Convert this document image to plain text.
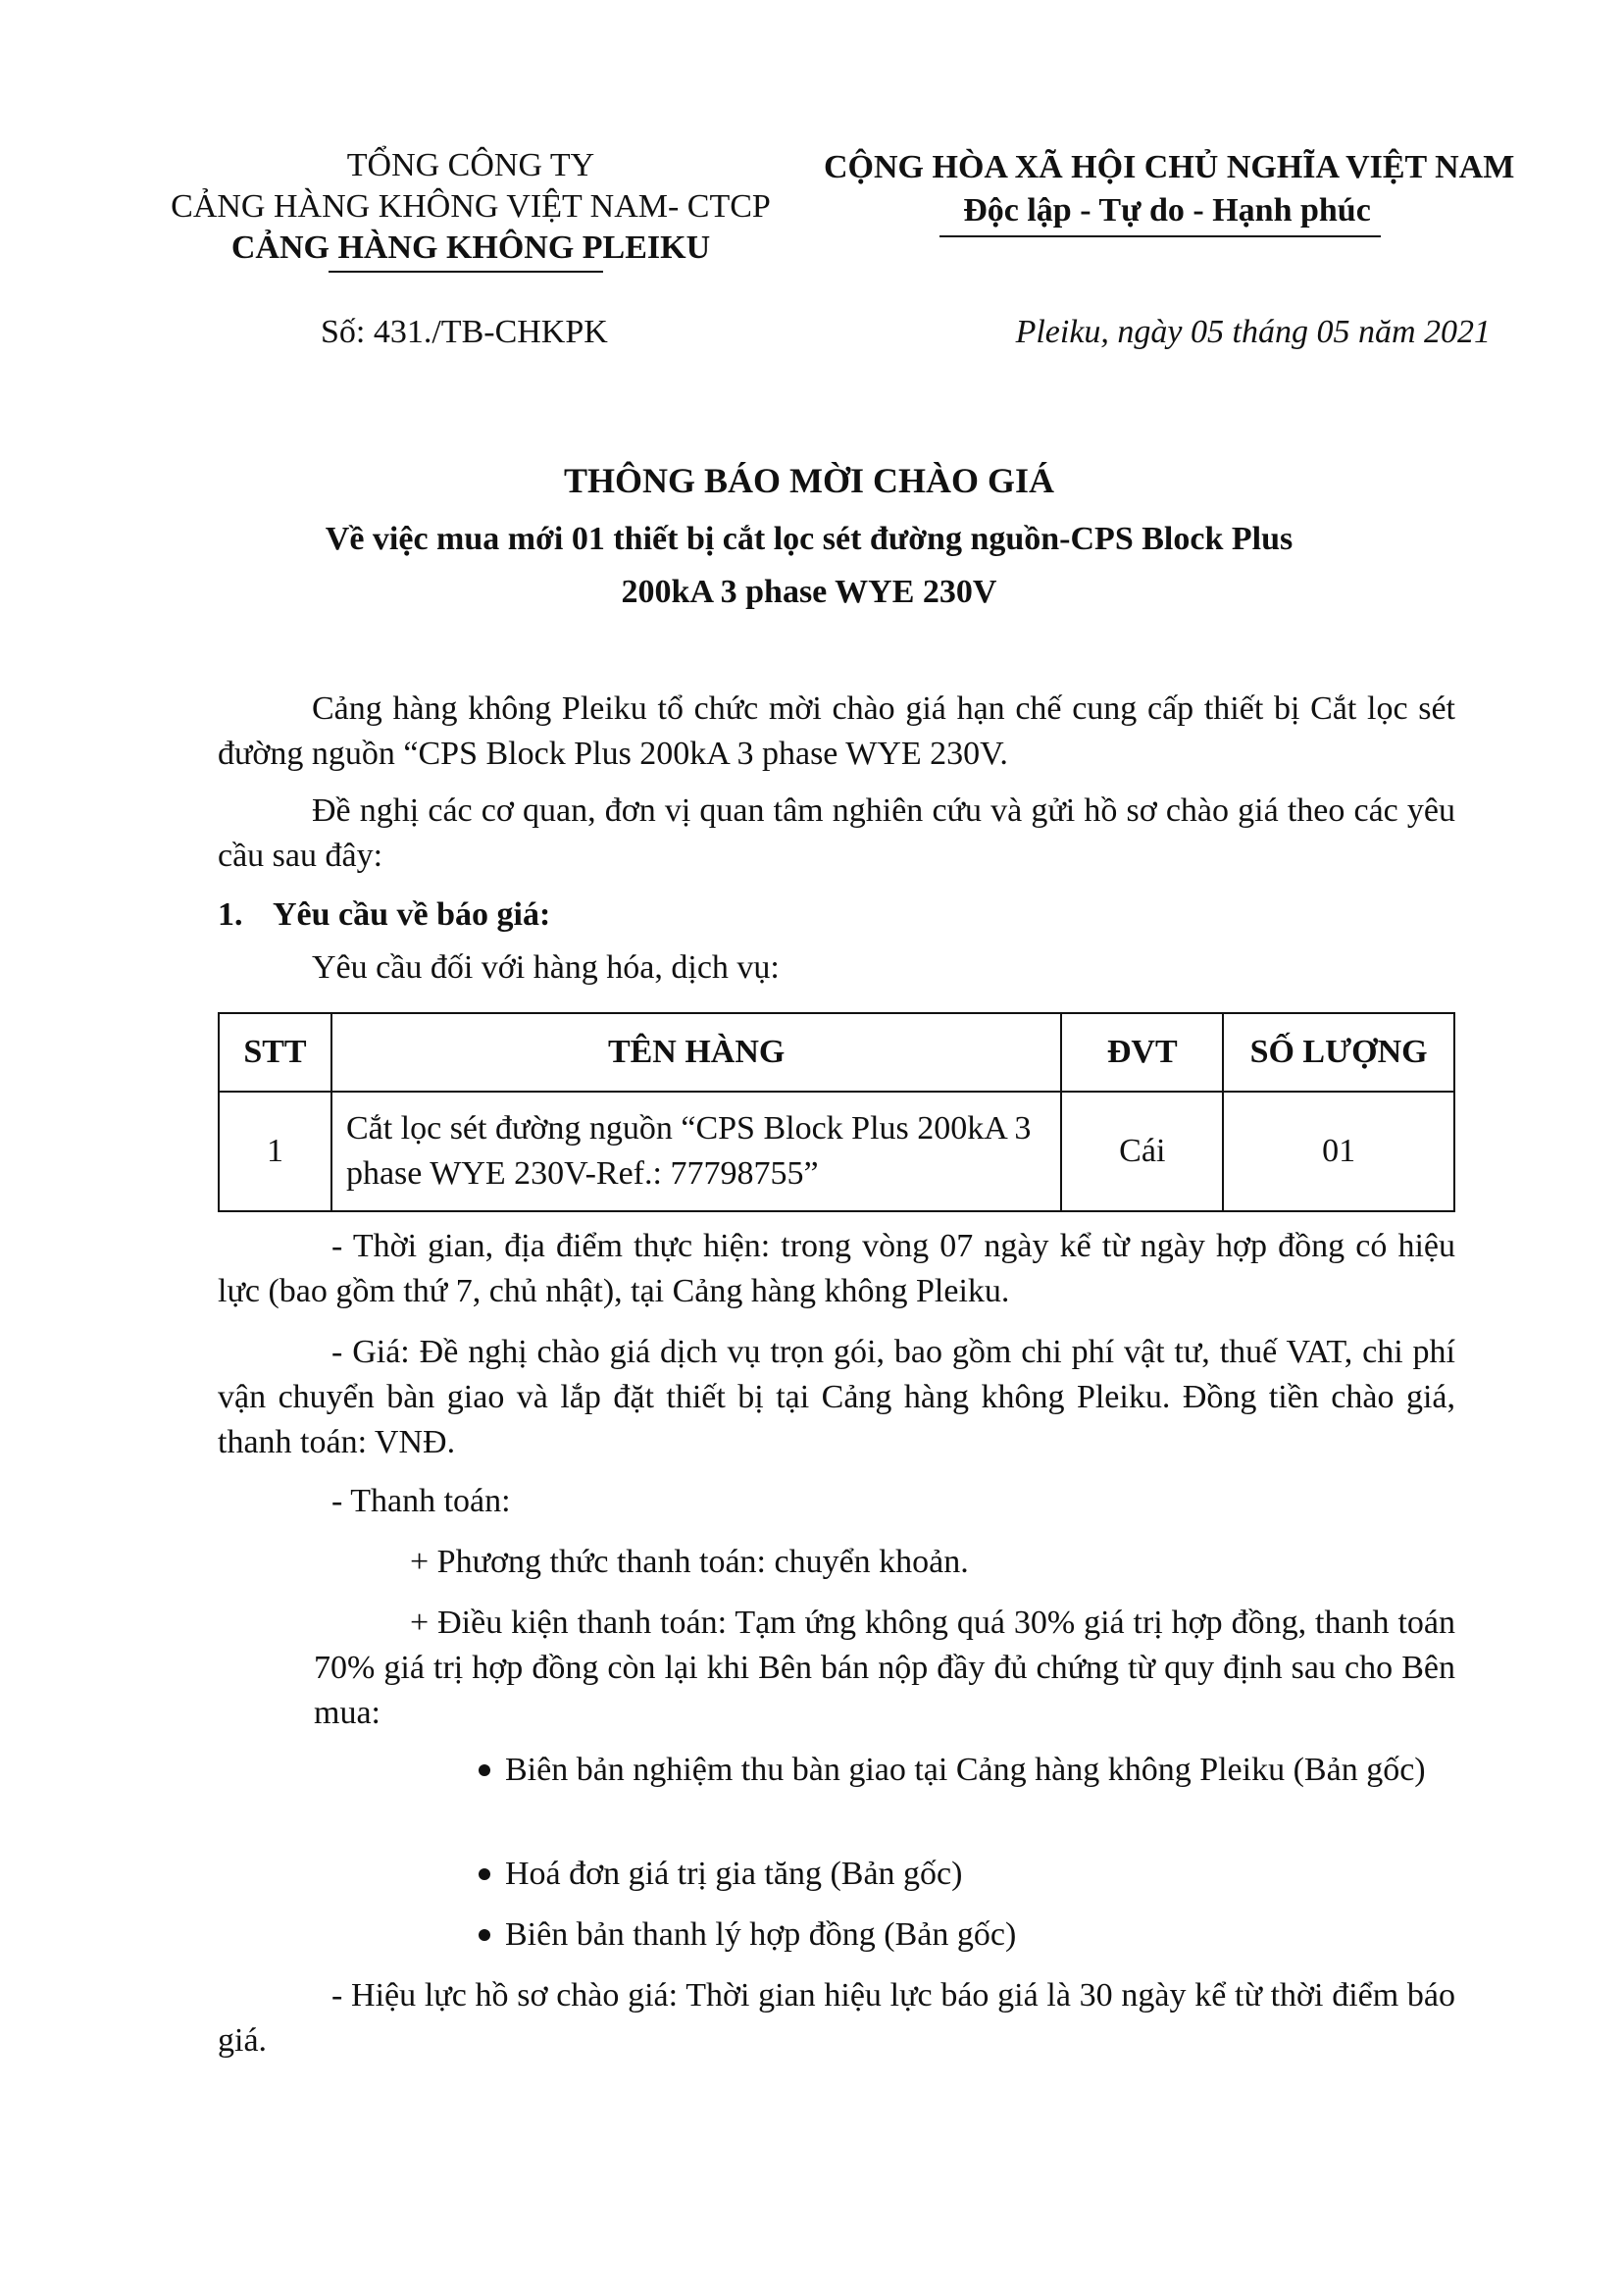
TỔNG CÔNG TY
CẢNG HÀNG KHÔNG VIỆT NAM- CTCP
CẢNG HÀNG KHÔNG PLEIKU
CỘNG HÒA XÃ HỘI CHỦ NGHĨA VIỆT NAM
Độc lập - Tự do - Hạnh phúc
Số: 431./TB-CHKPK	Pleiku, ngày 05 tháng 05 năm 2021
THÔNG BÁO MỜI CHÀO GIÁ
Về việc mua mới 01 thiết bị cắt lọc sét đường nguồn-CPS Block Plus
200kA 3 phase WYE 230V
Cảng hàng không Pleiku tổ chức mời chào giá hạn chế cung cấp thiết bị Cắt lọc sét đường nguồn “CPS Block Plus 200kA 3 phase WYE 230V.
Đề nghị các cơ quan, đơn vị quan tâm nghiên cứu và gửi hồ sơ chào giá theo các yêu cầu sau đây:
1. Yêu cầu về báo giá:
Yêu cầu đối với hàng hóa, dịch vụ:
STT	TÊN HÀNG	ĐVT	SỐ LƯỢNG
1	Cắt lọc sét đường nguồn “CPS Block Plus 200kA 3 phase WYE 230V-Ref.: 77798755”	Cái	01
- Thời gian, địa điểm thực hiện: trong vòng 07 ngày kể từ ngày hợp đồng có hiệu lực (bao gồm thứ 7, chủ nhật), tại Cảng hàng không Pleiku.
- Giá: Đề nghị chào giá dịch vụ trọn gói, bao gồm chi phí vật tư, thuế VAT, chi phí vận chuyển bàn giao và lắp đặt thiết bị tại Cảng hàng không Pleiku. Đồng tiền chào giá, thanh toán: VNĐ.
- Thanh toán:
+ Phương thức thanh toán: chuyển khoản.
+ Điều kiện thanh toán: Tạm ứng không quá 30% giá trị hợp đồng, thanh toán 70% giá trị hợp đồng còn lại khi Bên bán nộp đầy đủ chứng từ quy định sau cho Bên mua:
Biên bản nghiệm thu bàn giao tại Cảng hàng không Pleiku (Bản gốc)
Hoá đơn giá trị gia tăng (Bản gốc)
Biên bản thanh lý hợp đồng (Bản gốc)
- Hiệu lực hồ sơ chào giá: Thời gian hiệu lực báo giá là 30 ngày kể từ thời điểm báo giá.
